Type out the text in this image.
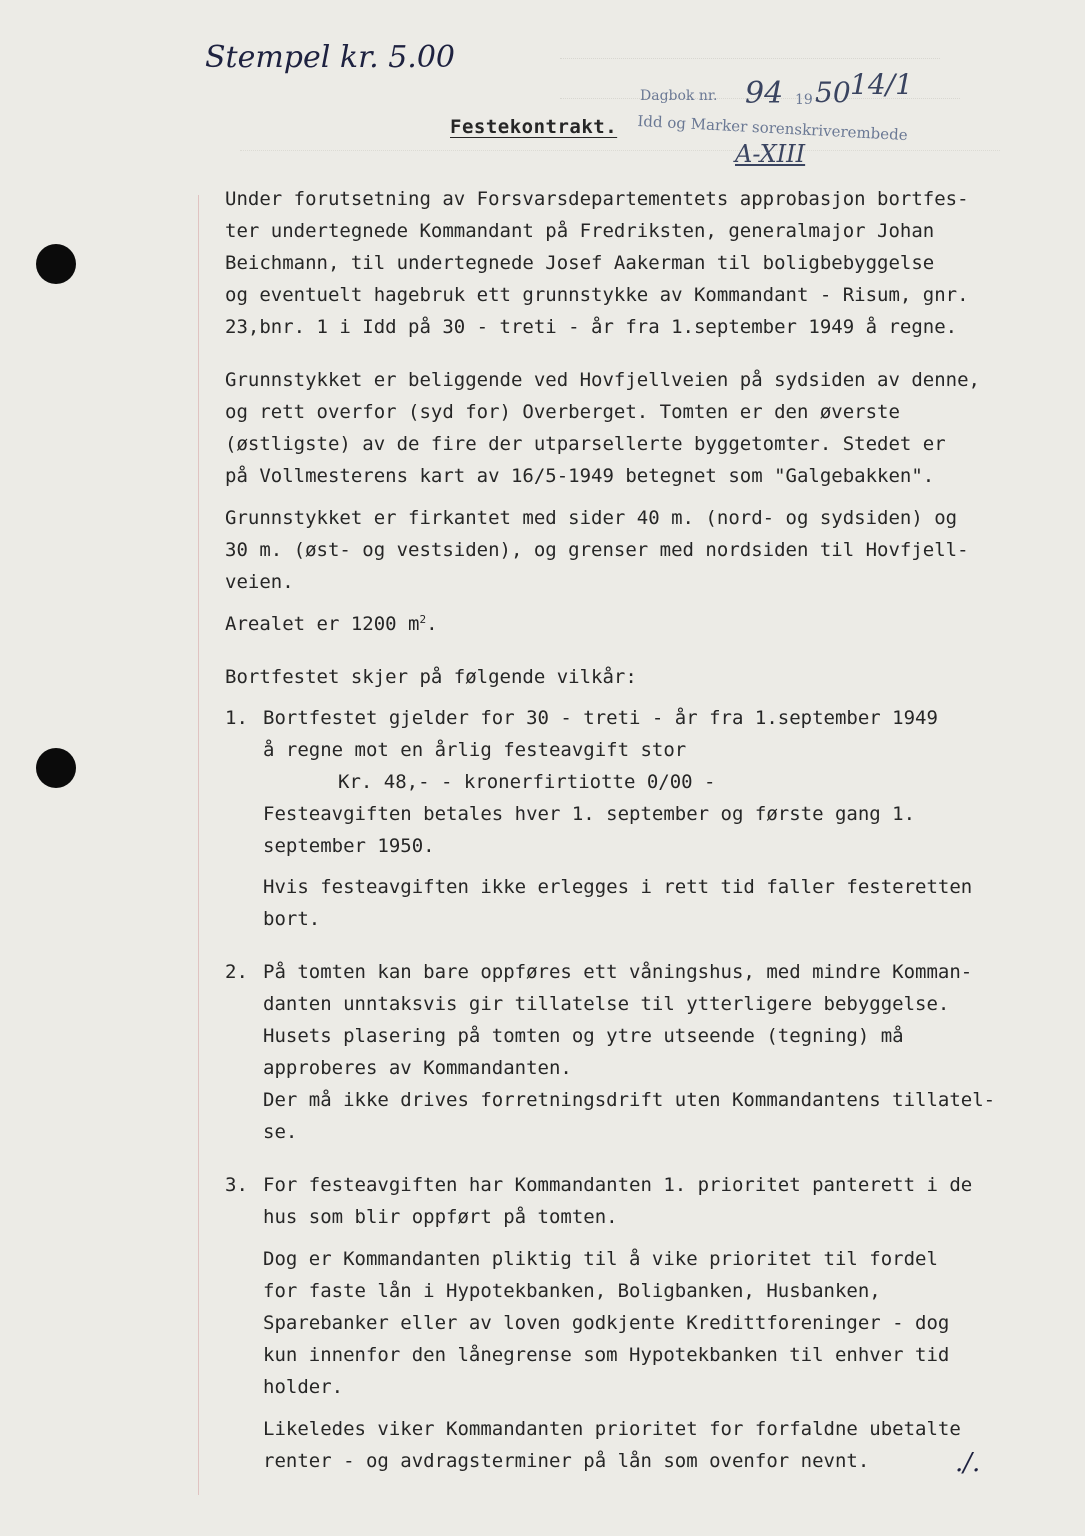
Stempel kr. 5.00
Dagbok nr. 94 19 50 14/1
Idd og Marker sorenskriverembede
A-XIII
Festekontrakt.
Under forutsetning av Forsvarsdepartementets approbasjon bortfes-
ter undertegnede Kommandant på Fredriksten, generalmajor Johan
Beichmann, til undertegnede Josef Aakerman til boligbebyggelse
og eventuelt hagebruk ett grunnstykke av Kommandant - Risum, gnr.
23,bnr. 1 i Idd på 30 - treti - år fra 1.september 1949 å regne.
Grunnstykket er beliggende ved Hovfjellveien på sydsiden av denne,
og rett overfor (syd for) Overberget. Tomten er den øverste
(østligste) av de fire der utparsellerte byggetomter. Stedet er
på Vollmesterens kart av 16/5-1949 betegnet som "Galgebakken".
Grunnstykket er firkantet med sider 40 m. (nord- og sydsiden) og
30 m. (øst- og vestsiden), og grenser med nordsiden til Hovfjell-
veien.
Arealet er 1200 $m^2$.
Bortfestet skjer på følgende vilkår:
1. Bortfestet gjelder for 30 - treti - år fra 1.september 1949
å regne mot en årlig festeavgift stor
Kr. 48,- - kronerfirtiotte 0/00 -
Festeavgiften betales hver 1. september og første gang 1.
september 1950.
Hvis festeavgiften ikke erlegges i rett tid faller festeretten
bort.
2. På tomten kan bare oppføres ett våningshus, med mindre Komman-
danten unntaksvis gir tillatelse til ytterligere bebyggelse.
Husets plasering på tomten og ytre utseende (tegning) må
approberes av Kommandanten.
Der må ikke drives forretningsdrift uten Kommandantens tillatel-
se.
3. For festeavgiften har Kommandanten 1. prioritet panterett i de
hus som blir oppført på tomten.
Dog er Kommandanten pliktig til å vike prioritet til fordel
for faste lån i Hypotekbanken, Boligbanken, Husbanken,
Sparebanker eller av loven godkjente Kredittforeninger - dog
kun innenfor den lånegrense som Hypotekbanken til enhver tid
holder.
Likeledes viker Kommandanten prioritet for forfaldne ubetalte
renter - og avdragsterminer på lån som ovenfor nevnt.	./.
